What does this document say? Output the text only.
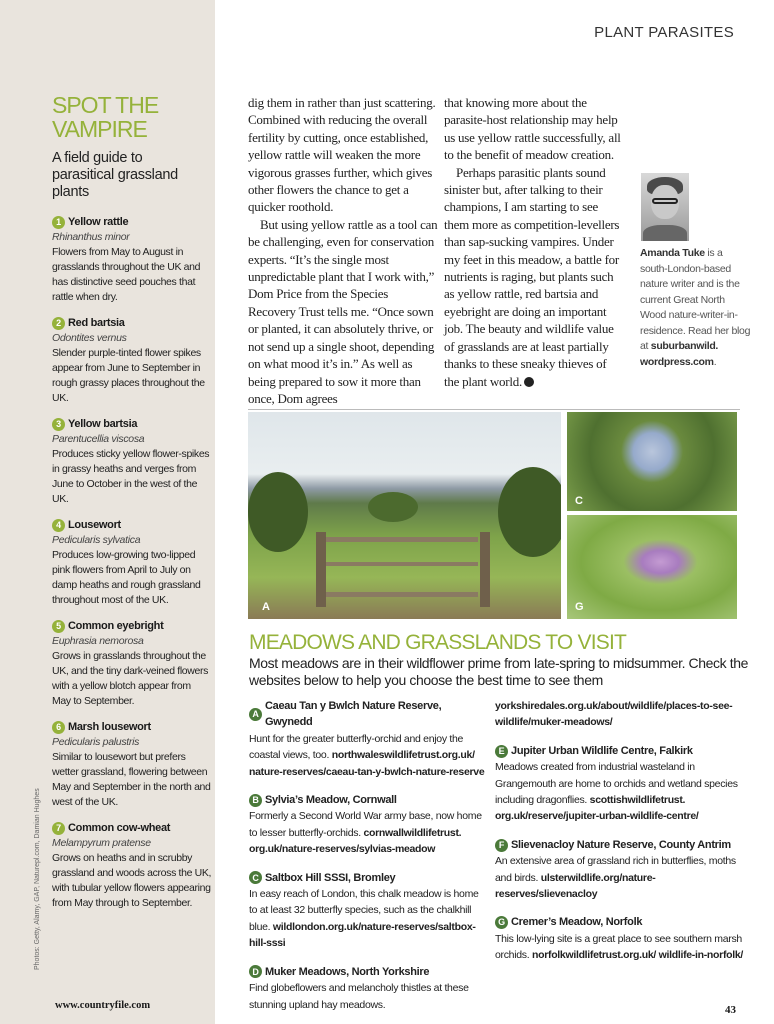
PLANT PARASITES
SPOT THE VAMPIRE
A field guide to parasitical grassland plants
1 Yellow rattle
Rhinanthus minor
Flowers from May to August in grasslands throughout the UK and has distinctive seed pouches that rattle when dry.
2 Red bartsia
Odontites vernus
Slender purple-tinted flower spikes appear from June to September in rough grassy places throughout the UK.
3 Yellow bartsia
Parentucellia viscosa
Produces sticky yellow flower-spikes in grassy heaths and verges from June to October in the west of the UK.
4 Lousewort
Pedicularis sylvatica
Produces low-growing two-lipped pink flowers from April to July on damp heaths and rough grassland throughout most of the UK.
5 Common eyebright
Euphrasia nemorosa
Grows in grasslands throughout the UK, and the tiny dark-veined flowers with a yellow blotch appear from May to September.
6 Marsh lousewort
Pedicularis palustris
Similar to lousewort but prefers wetter grassland, flowering between May and September in the north and west of the UK.
7 Common cow-wheat
Melampyrum pratense
Grows on heaths and in scrubby grassland and woods across the UK, with tubular yellow flowers appearing from May through to September.
Photos: Getty, Alamy, GAP, Naturepl.com, Damian Hughes

dig them in rather than just scattering. Combined with reducing the overall fertility by cutting, once established, yellow rattle will weaken the more vigorous grasses further, which gives other flowers the chance to get a quicker roothold.

But using yellow rattle as a tool can be challenging, even for conservation experts. “It’s the single most unpredictable plant that I work with,” Dom Price from the Species Recovery Trust tells me. “Once sown or planted, it can absolutely thrive, or not send up a single shoot, depending on what mood it’s in.” As well as being prepared to sow it more than once, Dom agrees

that knowing more about the parasite-host relationship may help us use yellow rattle successfully, all to the benefit of meadow creation.

Perhaps parasitic plants sound sinister but, after talking to their champions, I am starting to see them more as competition-levellers than sap-sucking vampires. Under my feet in this meadow, a battle for nutrients is raging, but plants such as yellow rattle, red bartsia and eyebright are doing an important job. The beauty and wildlife value of grasslands are at least partially thanks to these sneaky thieves of the plant world.

Amanda Tuke is a south-London-based nature writer and is the current Great North Wood nature-writer-in-residence. Read her blog at suburbanwild. wordpress.com.
A
C
G
MEADOWS AND GRASSLANDS TO VISIT
Most meadows are in their wildflower prime from late-spring to midsummer. Check the websites below to help you choose the best time to see them
A
Caeau Tan y Bwlch Nature Reserve, Gwynedd
Hunt for the greater butterfly-orchid and enjoy the coastal views, too. northwaleswildlifetrust.org.uk/ nature-reserves/caeau-tan-y-bwlch-nature-reserve
B Sylvia’s Meadow, Cornwall
Formerly a Second World War army base, now home to lesser butterfly-orchids. cornwallwildlifetrust. org.uk/nature-reserves/sylvias-meadow
C Saltbox Hill SSSI, Bromley
In easy reach of London, this chalk meadow is home to at least 32 butterfly species, such as the chalkhill blue. wildlondon.org.uk/nature-reserves/saltbox-hill-sssi
D Muker Meadows, North Yorkshire
Find globeflowers and melancholy thistles at these stunning upland hay meadows.
yorkshiredales.org.uk/about/wildlife/places-to-see-wildlife/muker-meadows/
E Jupiter Urban Wildlife Centre, Falkirk
Meadows created from industrial wasteland in Grangemouth are home to orchids and wetland species including dragonflies. scottishwildlifetrust. org.uk/reserve/jupiter-urban-wildlife-centre/
F Slievenacloy Nature Reserve, County Antrim
An extensive area of grassland rich in butterflies, moths and birds. ulsterwildlife.org/nature-reserves/slievenacloy
G Cremer’s Meadow, Norfolk
This low-lying site is a great place to see southern marsh orchids. norfolkwildlifetrust.org.uk/ wildlife-in-norfolk/
www.countryfile.com	43
